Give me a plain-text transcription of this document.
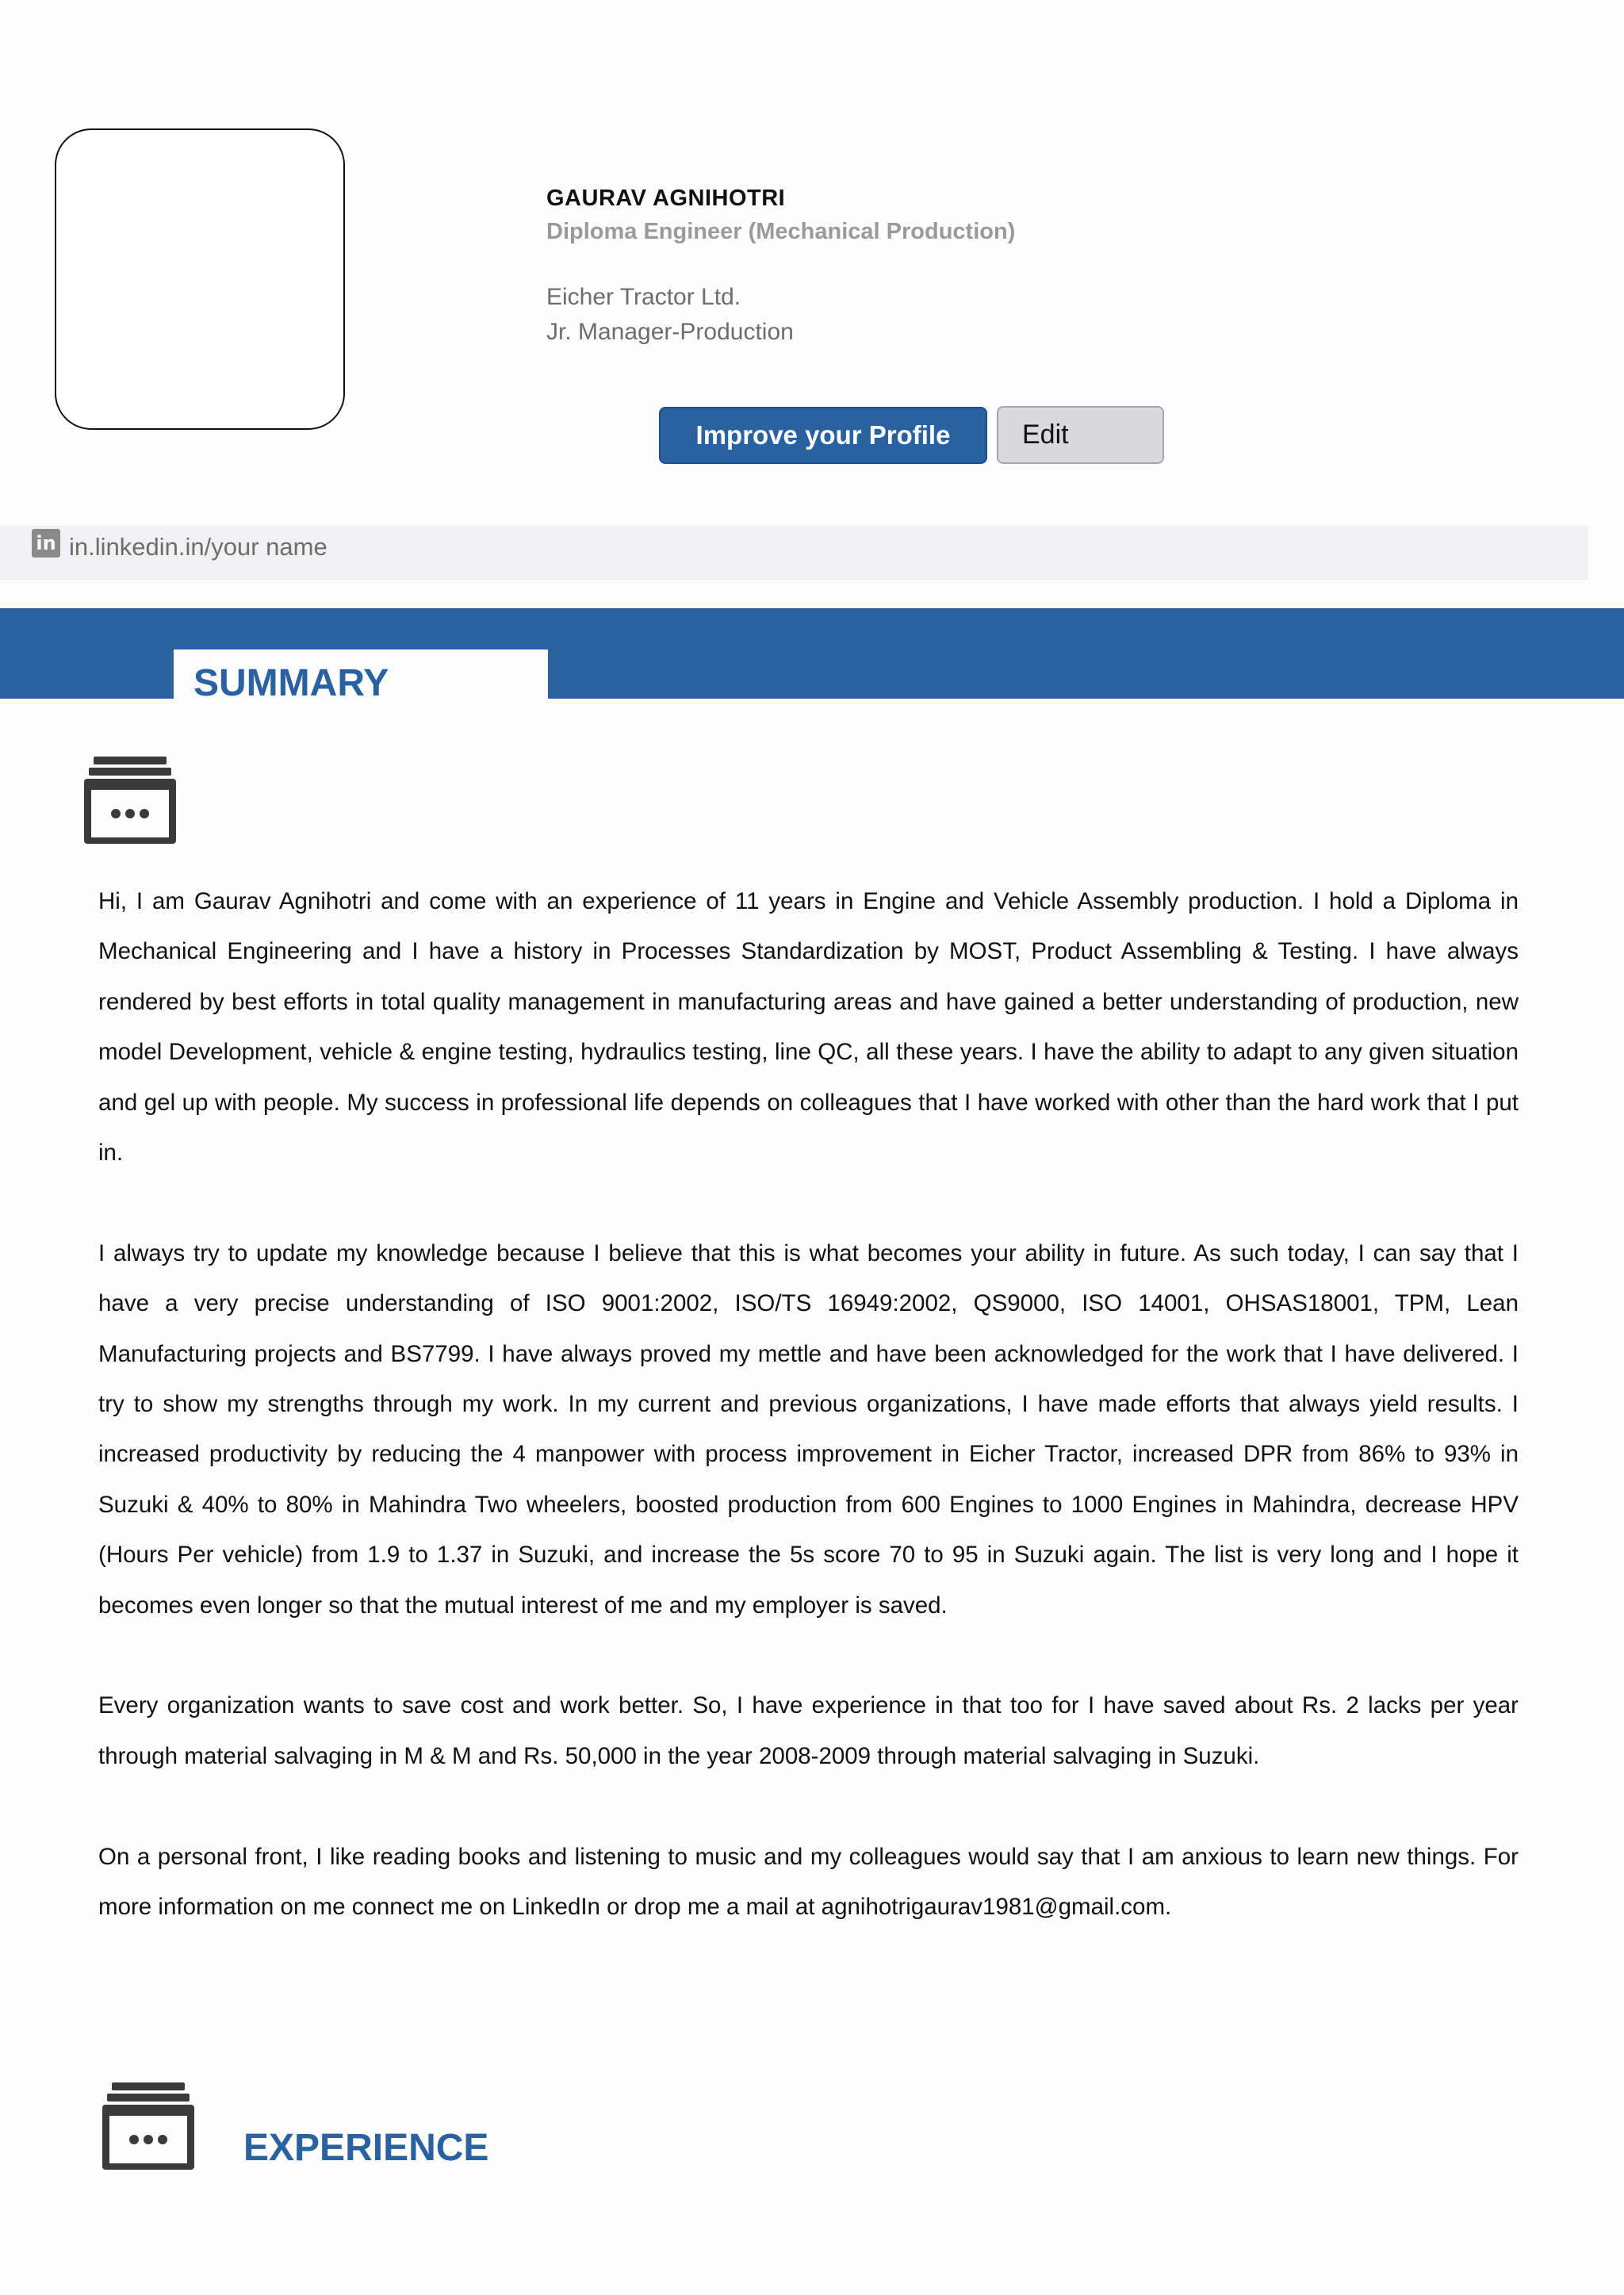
GAURAV AGNIHOTRI
Diploma Engineer (Mechanical Production)
Eicher Tractor Ltd.
Jr. Manager-Production
Improve your Profile	Edit
in in.linkedin.in/your name
SUMMARY

Hi, I am Gaurav Agnihotri and come with an experience of 11 years in Engine and Vehicle Assembly production. I hold a Diploma in Mechanical Engineering and I have a history in Processes Standardization by MOST, Product Assembling & Testing. I have always rendered by best efforts in total quality management in manufacturing areas and have gained a better understanding of production, new model Development, vehicle & engine testing, hydraulics testing, line QC, all these years. I have the ability to adapt to any given situation and gel up with people. My success in professional life depends on colleagues that I have worked with other than the hard work that I put in.

I always try to update my knowledge because I believe that this is what becomes your ability in future. As such today, I can say that I have a very precise understanding of ISO 9001:2002, ISO/TS 16949:2002, QS9000, ISO 14001, OHSAS18001, TPM, Lean Manufacturing projects and BS7799. I have always proved my mettle and have been acknowledged for the work that I have delivered. I try to show my strengths through my work. In my current and previous organizations, I have made efforts that always yield results. I increased productivity by reducing the 4 manpower with process improvement in Eicher Tractor, increased DPR from 86% to 93% in Suzuki & 40% to 80% in Mahindra Two wheelers, boosted production from 600 Engines to 1000 Engines in Mahindra, decrease HPV (Hours Per vehicle) from 1.9 to 1.37 in Suzuki, and increase the 5s score 70 to 95 in Suzuki again. The list is very long and I hope it becomes even longer so that the mutual interest of me and my employer is saved.

Every organization wants to save cost and work better. So, I have experience in that too for I have saved about Rs. 2 lacks per year through material salvaging in M & M and Rs. 50,000 in the year 2008-2009 through material salvaging in Suzuki.

On a personal front, I like reading books and listening to music and my colleagues would say that I am anxious to learn new things. For more information on me connect me on LinkedIn or drop me a mail at agnihotrigaurav1981@gmail.com.

EXPERIENCE
